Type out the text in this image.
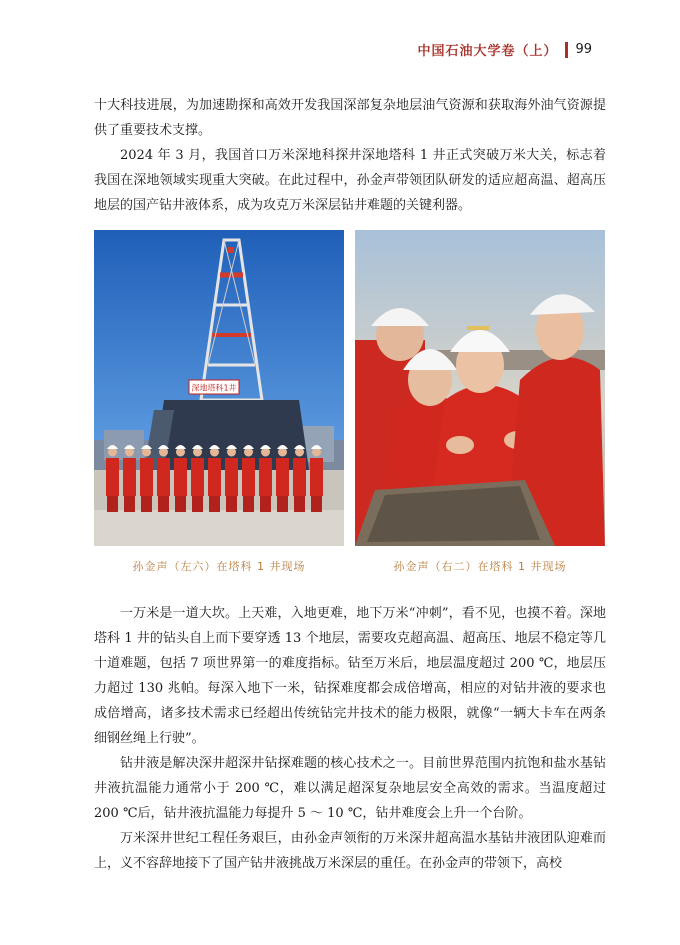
中国石油大学卷（上） 99

十大科技进展，为加速勘探和高效开发我国深部复杂地层油气资源和获取海外油气资源提供了重要技术支撑。

2024 年 3 月，我国首口万米深地科探井深地塔科 1 井正式突破万米大关，标志着我国在深地领域实现重大突破。在此过程中，孙金声带领团队研发的适应超高温、超高压地层的国产钻井液体系，成为攻克万米深层钻井难题的关键利器。

深地塔科1井
孙金声（左六）在塔科 1 井现场	孙金声（右二）在塔科 1 井现场

一万米是一道大坎。上天难，入地更难，地下万米“冲刺”，看不见，也摸不着。深地塔科 1 井的钻头自上而下要穿透 13 个地层，需要攻克超高温、超高压、地层不稳定等几十道难题，包括 7 项世界第一的难度指标。钻至万米后，地层温度超过 200 ℃，地层压力超过 130 兆帕。每深入地下一米，钻探难度都会成倍增高，相应的对钻井液的要求也成倍增高，诸多技术需求已经超出传统钻完井技术的能力极限，就像“一辆大卡车在两条细钢丝绳上行驶”。

钻井液是解决深井超深井钻探难题的核心技术之一。目前世界范围内抗饱和盐水基钻井液抗温能力通常小于 200 ℃，难以满足超深复杂地层安全高效的需求。当温度超过 200 ℃后，钻井液抗温能力每提升 5 ～ 10 ℃，钻井难度会上升一个台阶。

万米深井世纪工程任务艰巨，由孙金声领衔的万米深井超高温水基钻井液团队迎难而上，义不容辞地接下了国产钻井液挑战万米深层的重任。在孙金声的带领下，高校
